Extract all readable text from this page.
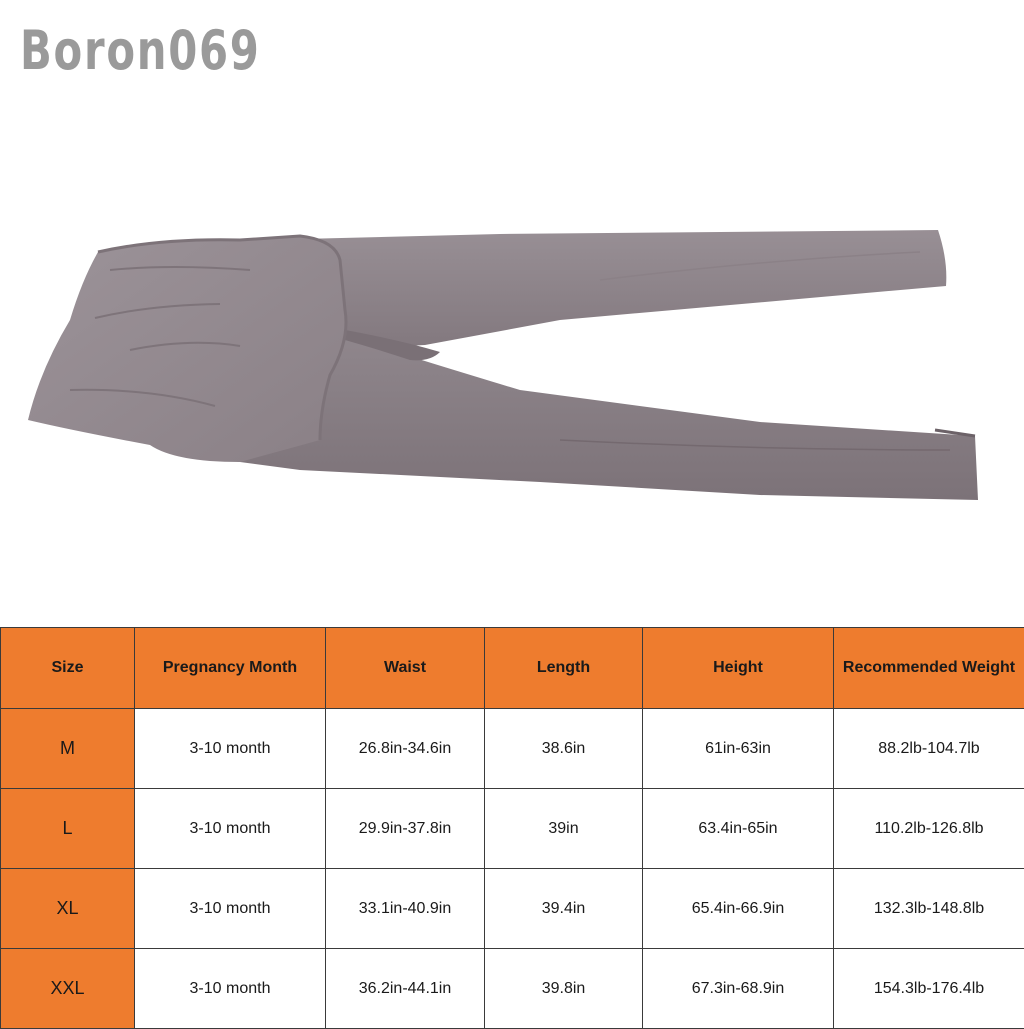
Boron069
Size	Pregnancy Month	Waist	Length	Height	Recommended Weight
M	3-10 month	26.8in-34.6in	38.6in	61in-63in	88.2lb-104.7lb
L	3-10 month	29.9in-37.8in	39in	63.4in-65in	110.2lb-126.8lb
XL	3-10 month	33.1in-40.9in	39.4in	65.4in-66.9in	132.3lb-148.8lb
XXL	3-10 month	36.2in-44.1in	39.8in	67.3in-68.9in	154.3lb-176.4lb
